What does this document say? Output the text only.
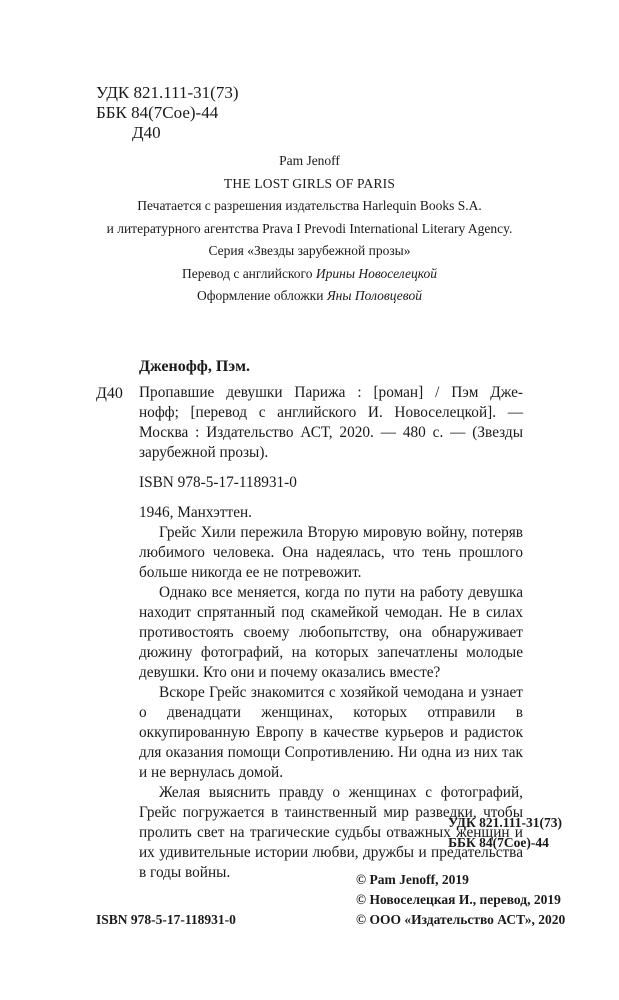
УДК 821.111-31(73)
ББК 84(7Сое)-44
Д40
Pam Jenoff
THE LOST GIRLS OF PARIS
Печатается с разрешения издательства Harlequin Books S.A.
и литературного агентства Prava I Prevodi International Literary Agency.
Серия «Звезды зарубежной прозы»
Перевод с английского Ирины Новоселецкой
Оформление обложки Яны Половцевой
Дженофф, Пэм.
Д40 Пропавшие девушки Парижа : [роман] / Пэм Дже-

нофф; [перевод с английского И. Новоселецкой]. —

Москва : Издательство АСТ, 2020. — 480 с. — (Звезды

зарубежной прозы).

ISBN 978-5-17-118931-0

1946, Манхэттен.

Грейс Хили пережила Вторую мировую войну, потеряв любимого человека. Она надеялась, что тень прошлого больше никогда ее не потревожит.

Однако все меняется, когда по пути на работу девушка находит спрятанный под скамейкой чемодан. Не в силах противостоять своему любопытству, она обнаруживает дюжину фотографий, на которых запечатлены молодые девушки. Кто они и почему оказались вместе?

Вскоре Грейс знакомится с хозяйкой чемодана и узнает о двенадцати женщинах, которых отправили в оккупированную Европу в качестве курьеров и радисток для оказания помощи Сопротивлению. Ни одна из них так и не вернулась домой.

Желая выяснить правду о женщинах с фотографий, Грейс погружается в таинственный мир разведки, чтобы пролить свет на трагические судьбы отважных женщин и их удивительные истории любви, дружбы и предательства в годы войны.

УДК 821.111-31(73)
ББК 84(7Сое)-44
© Pam Jenoff, 2019
© Новоселецкая И., перевод, 2019
© ООО «Издательство АСТ», 2020
ISBN 978-5-17-118931-0
